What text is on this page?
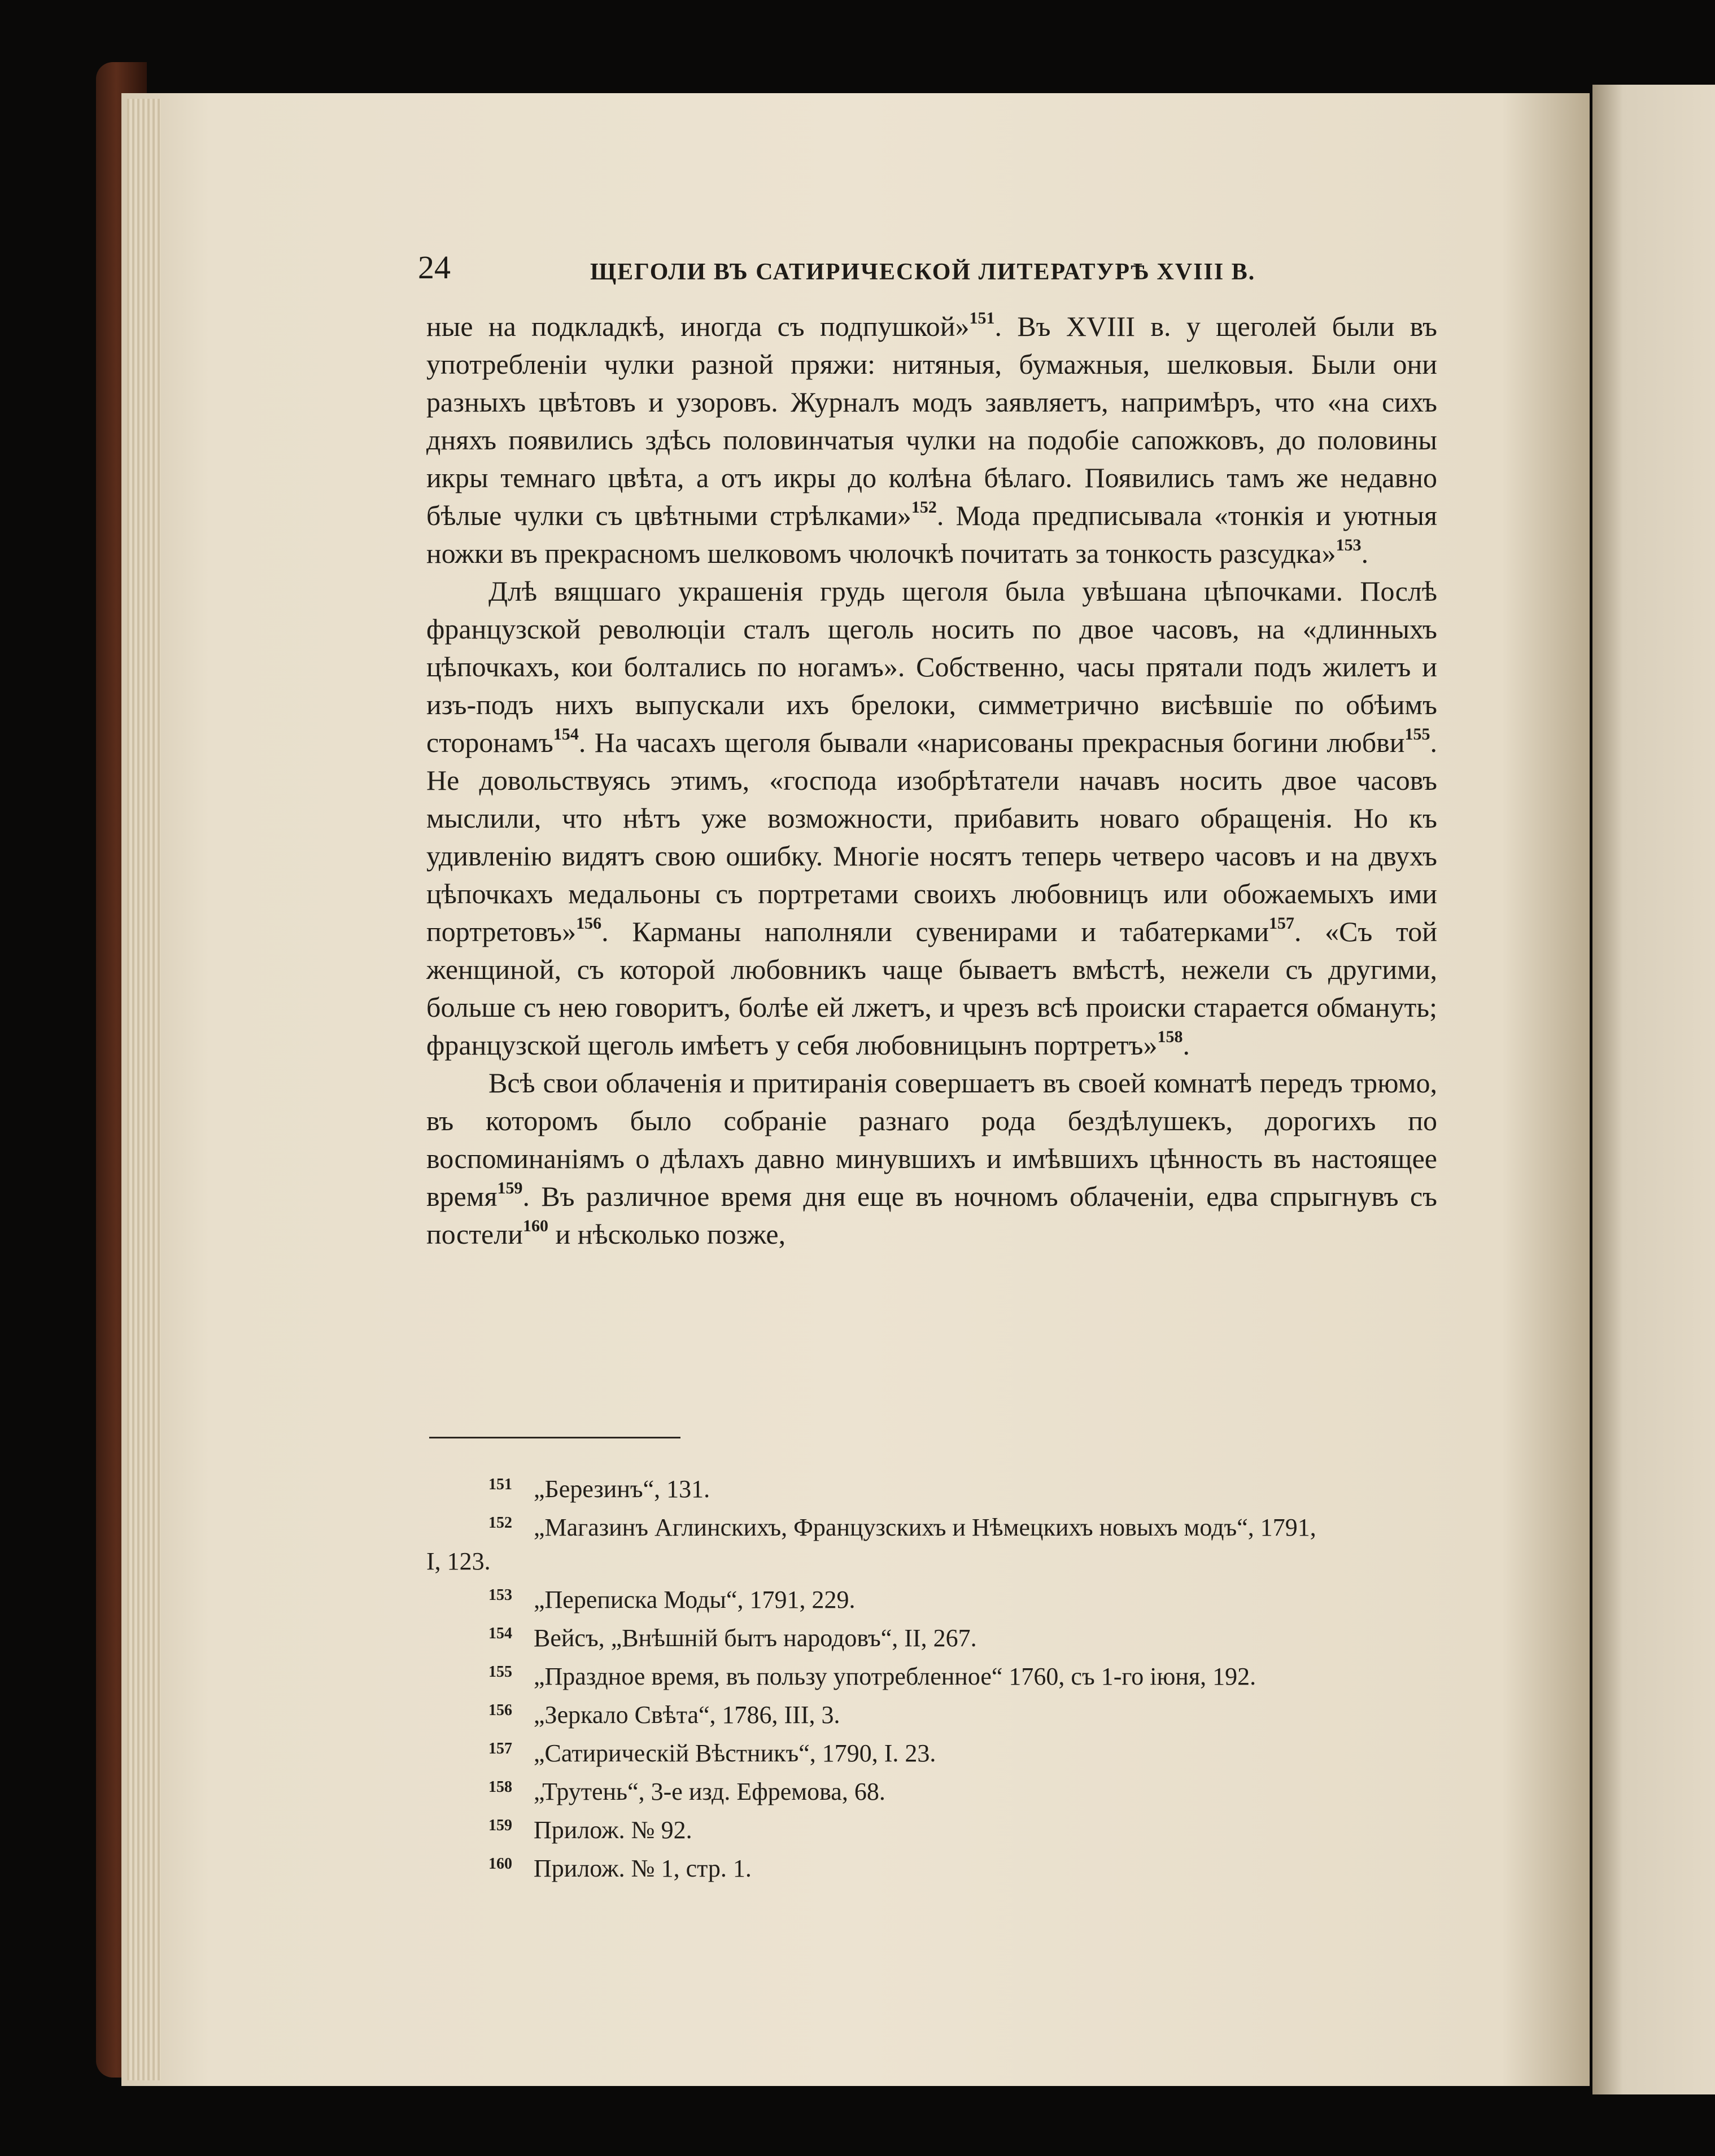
24	ЩЕГОЛИ ВЪ САТИРИЧЕСКОЙ ЛИТЕРАТУРѢ XVIII В.

ные на подкладкѣ, иногда съ подпушкой»$^{151}$. Въ XVIII в. у щеголей были въ употребленіи чулки разной пряжи: нитяныя, бумажныя, шелковыя. Были они разныхъ цвѣтовъ и узоровъ. Журналъ модъ заявляетъ, напримѣръ, что «на сихъ дняхъ появились здѣсь половинчатыя чулки на подобіе сапожковъ, до половины икры темнаго цвѣта, а отъ икры до колѣна бѣлаго. Появились тамъ же недавно бѣлые чулки съ цвѣтными стрѣлками»$^{152}$. Мода предписывала «тонкія и уютныя ножки въ прекрасномъ шелковомъ чюлочкѣ почитать за тонкость разсудка»$^{153}$.

Длѣ вящшаго украшенія грудь щеголя была увѣшана цѣпочками. Послѣ французской революціи сталъ щеголь носить по двое часовъ, на «длинныхъ цѣпочкахъ, кои болтались по ногамъ». Собственно, часы прятали подъ жилетъ и изъ-подъ нихъ выпускали ихъ брелоки, симметрично висѣвшіе по обѣимъ сторонамъ$^{154}$. На часахъ щеголя бывали «нарисованы прекрасныя богини любви$^{155}$. Не довольствуясь этимъ, «господа изобрѣтатели начавъ носить двое часовъ мыслили, что нѣтъ уже возможности, прибавить новаго обращенія. Но къ удивленію видятъ свою ошибку. Многіе носятъ теперь четверо часовъ и на двухъ цѣпочкахъ медальоны съ портретами своихъ любовницъ или обожаемыхъ ими портретовъ»$^{156}$. Карманы наполняли сувенирами и табатерками$^{157}$. «Съ той женщиной, съ которой любовникъ чаще бываетъ вмѣстѣ, нежели съ другими, больше съ нею говоритъ, болѣе ей лжетъ, и чрезъ всѣ происки старается обмануть; французской щеголь имѣетъ у себя любовницынъ портретъ»$^{158}$.

Всѣ свои облаченія и притиранія совершаетъ въ своей комнатѣ передъ трюмо, въ которомъ было собраніе разнаго рода бездѣлушекъ, дорогихъ по воспоминаніямъ о дѣлахъ давно минувшихъ и имѣвшихъ цѣнность въ настоящее время$^{159}$. Въ различное время дня еще въ ночномъ облаченіи, едва спрыгнувъ съ постели$^{160}$ и нѣсколько позже,

151 „Березинъ“, 131.
152 „Магазинъ Аглинскихъ, Французскихъ и Нѣмецкихъ новыхъ модъ“, 1791,
I, 123.
153 „Переписка Моды“, 1791, 229.
154 Вейсъ, „Внѣшній бытъ народовъ“, II, 267.
155 „Праздное время, въ пользу употребленное“ 1760, съ 1-го іюня, 192.
156 „Зеркало Свѣта“, 1786, III, 3.
157 „Сатирическій Вѣстникъ“, 1790, I. 23.
158 „Трутень“, 3-е изд. Ефремова, 68.
159 Прилож. № 92.
160 Прилож. № 1, стр. 1.
